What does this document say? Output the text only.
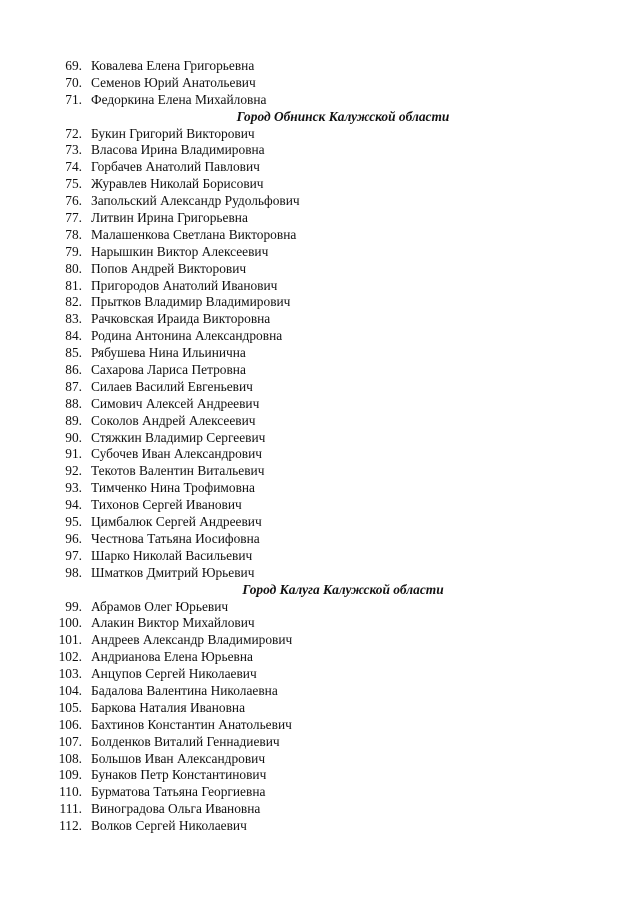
69. Ковалева Елена Григорьевна
70. Семенов Юрий Анатольевич
71. Федоркина Елена Михайловна
Город Обнинск Калужской области
72. Букин Григорий Викторович
73. Власова Ирина Владимировна
74. Горбачев Анатолий Павлович
75. Журавлев Николай Борисович
76. Запольский Александр Рудольфович
77. Литвин Ирина Григорьевна
78. Малашенкова Светлана Викторовна
79. Нарышкин Виктор Алексеевич
80. Попов Андрей Викторович
81. Пригородов Анатолий Иванович
82. Прытков Владимир Владимирович
83. Рачковская Ираида Викторовна
84. Родина Антонина Александровна
85. Рябушева Нина Ильинична
86. Сахарова Лариса Петровна
87. Силаев Василий Евгеньевич
88. Симович Алексей Андреевич
89. Соколов Андрей Алексеевич
90. Стяжкин Владимир Сергеевич
91. Субочев Иван Александрович
92. Текотов Валентин Витальевич
93. Тимченко Нина Трофимовна
94. Тихонов Сергей Иванович
95. Цимбалюк Сергей Андреевич
96. Честнова Татьяна Иосифовна
97. Шарко Николай Васильевич
98. Шматков Дмитрий Юрьевич
Город Калуга Калужской области
99. Абрамов Олег Юрьевич
100. Алакин Виктор Михайлович
101. Андреев Александр Владимирович
102. Андрианова Елена Юрьевна
103. Анцупов Сергей Николаевич
104. Бадалова Валентина Николаевна
105. Баркова Наталия Ивановна
106. Бахтинов Константин Анатольевич
107. Болденков Виталий Геннадиевич
108. Большов Иван Александрович
109. Бунаков Петр Константинович
110. Бурматова Татьяна Георгиевна
111. Виноградова Ольга Ивановна
112. Волков Сергей Николаевич
